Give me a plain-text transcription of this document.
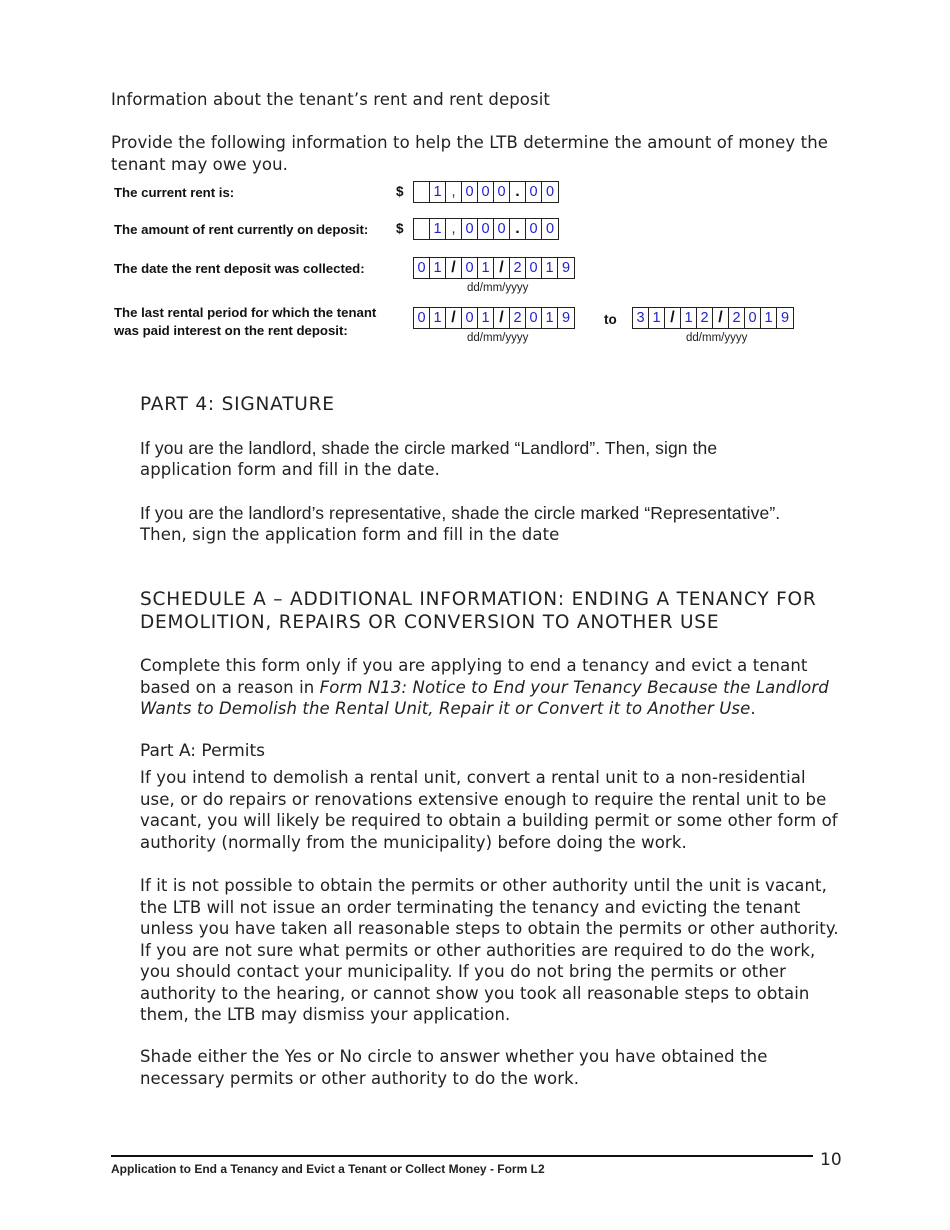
Information about the tenant’s rent and rent deposit
Provide the following information to help the LTB determine the amount of money the tenant may owe you.
The current rent is:	$ 1 , 0 0 0 . 0 0
The amount of rent currently on deposit: $ 1 , 0 0 0 . 0 0
The date the rent deposit was collected:	0 1 / 0 1 / 2 0 1 9
dd/mm/yyyy
The last rental period for which the tenant
was paid interest on the rent deposit:
0 1 / 0 1 / 2 0 1 9
dd/mm/yyyy
to 3 1 / 1 2 / 2 0 1 9
dd/mm/yyyy
PART 4: SIGNATURE
If you are the landlord, shade the circle marked “Landlord”. Then, sign the
application form and fill in the date.
If you are the landlord’s representative, shade the circle marked “Representative”.
Then, sign the application form and fill in the date
SCHEDULE A – ADDITIONAL INFORMATION: ENDING A TENANCY FOR
DEMOLITION, REPAIRS OR CONVERSION TO ANOTHER USE
Complete this form only if you are applying to end a tenancy and evict a tenant
based on a reason in Form N13: Notice to End your Tenancy Because the Landlord
Wants to Demolish the Rental Unit, Repair it or Convert it to Another Use.
Part A: Permits
If you intend to demolish a rental unit, convert a rental unit to a non-residential use, or do repairs or renovations extensive enough to require the rental unit to be vacant, you will likely be required to obtain a building permit or some other form of authority (normally from the municipality) before doing the work.
If it is not possible to obtain the permits or other authority until the unit is vacant, the LTB will not issue an order terminating the tenancy and evicting the tenant unless you have taken all reasonable steps to obtain the permits or other authority. If you are not sure what permits or other authorities are required to do the work, you should contact your municipality. If you do not bring the permits or other authority to the hearing, or cannot show you took all reasonable steps to obtain them, the LTB may dismiss your application.
Shade either the Yes or No circle to answer whether you have obtained the necessary permits or other authority to do the work.
10
Application to End a Tenancy and Evict a Tenant or Collect Money - Form L2
